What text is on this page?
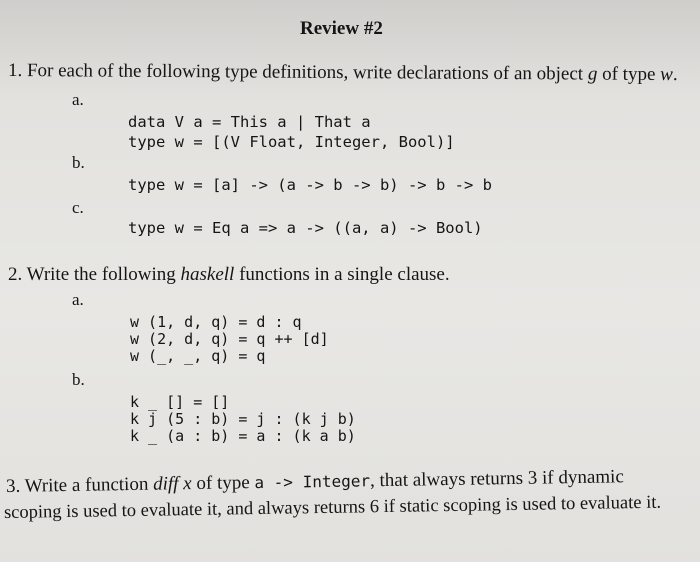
Review #2
1. For each of the following type definitions, write declarations of an object g of type w.
a.
data V a = This a | That a
type w = [(V Float, Integer, Bool)]
b.
type w = [a] -> (a -> b -> b) -> b -> b
c.
type w = Eq a => a -> ((a, a) -> Bool)
2. Write the following haskell functions in a single clause.
a.
w (1, d, q) = d : q
w (2, d, q) = q ++ [d]
w (_, _, q) = q
b.
k _ [] = []
k j (5 : b) = j : (k j b)
k _ (a : b) = a : (k a b)
3. Write a function diff x of type a -> Integer, that always returns 3 if dynamic
scoping is used to evaluate it, and always returns 6 if static scoping is used to evaluate it.
